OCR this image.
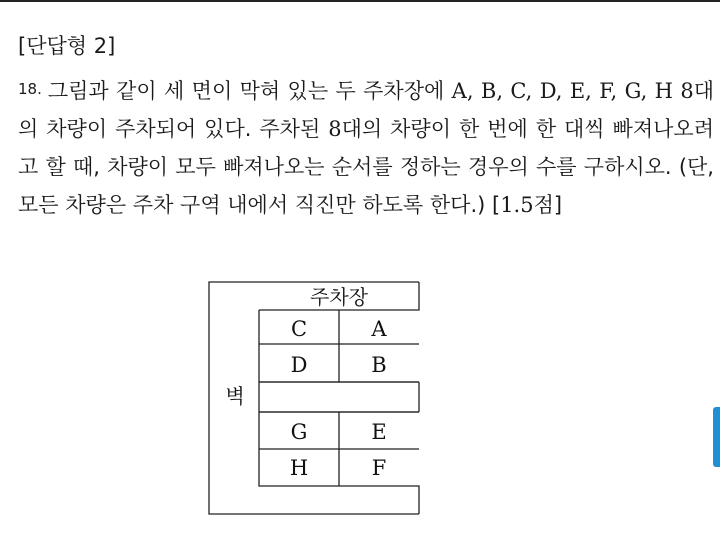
[단답형 2]
18. 그림과 같이 세 면이 막혀 있는 두 주차장에 A, B, C, D, E, F, G, H 8대의 차량이 주차되어 있다. 주차된 8대의 차량이 한 번에 한 대씩 빠져나오려고 할 때, 차량이 모두 빠져나오는 순서를 정하는 경우의 수를 구하시오. (단, 모든 차량은 주차 구역 내에서 직진만 하도록 한다.) [1.5점]
주차장
벽
C	A
D	B
G	E
H	F
